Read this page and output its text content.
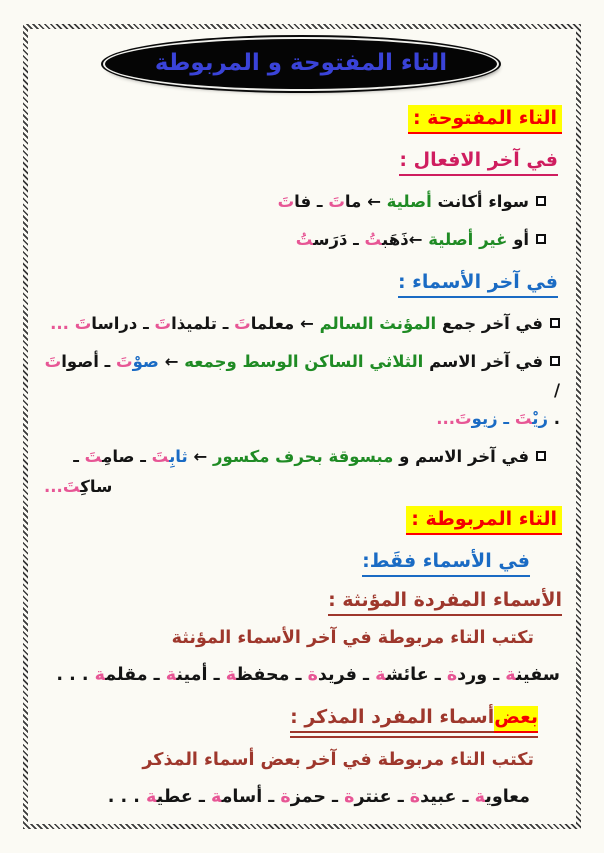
التاء المفتوحة و المربوطة
التاء المفتوحة :
في آخر الافعال :
سواء أكانت أصلية ← ماتَ ـ فاتَ
أو غير أصلية ←ذَهَب‍‍تُ ـ دَرَس‍‍تُ
في آخر الأسماء :
في آخر جمع المؤنث السالم ← معلماتَ ـ تلميذاتَ ـ دراساتَ ...
في آخر الاسم الثلاثي الساكن الوسط وجمعه ← صوْتَ ـ أصواتَ /
. زيْ‍‍تَ ـ زيوتَ...
في آخر الاسم و مبسوقة بحرف مكسور ← ثابِ‍‍تَ ـ صامِ‍‍تَ ـ
ساكِ‍‍تَ...
التاء المربوطة :
في الأسماء فقَط:
الأسماء المفردة المؤنثة :
تكتب التاء مربوطة في آخر الأسماء المؤنثة
سفين‍‍ة ـ وردة ـ عائش‍‍ة ـ فريدة ـ محفظ‍‍ة ـ أمين‍‍ة ـ مقلم‍‍ة . . .
بعضأسماء المفرد المذكر :
تكتب التاء مربوطة في آخر بعض أسماء المذكر
معاوي‍‍ة ـ عبيدة ـ عنترة ـ حمزة ـ أسام‍‍ة ـ عطي‍‍ة . . .
